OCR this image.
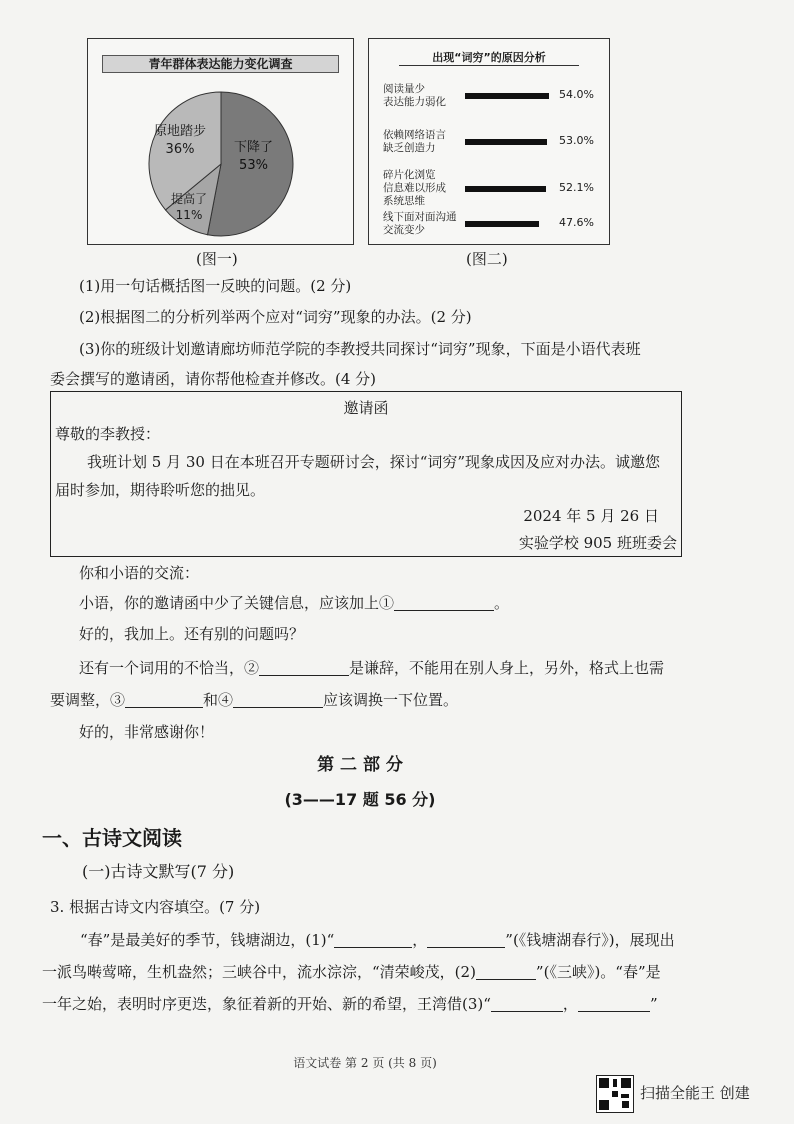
青年群体表达能力变化调查
原地踏步
36%	下降了
53%
提高了
11%
(图一)
出现“词穷”的原因分析
阅读量少
表达能力弱化
54.0%
依赖网络语言
缺乏创造力
53.0%
碎片化浏览
信息难以形成
系统思维
52.1%
线下面对面沟通
交流变少
47.6%
(图二)
(1)用一句话概括图一反映的问题。(2 分)
(2)根据图二的分析列举两个应对“词穷”现象的办法。(2 分)
(3)你的班级计划邀请廊坊师范学院的李教授共同探讨“词穷”现象，下面是小语代表班
委会撰写的邀请函，请你帮他检查并修改。(4 分)
邀请函
尊敬的李教授：
我班计划 5 月 30 日在本班召开专题研讨会，探讨“词穷”现象成因及应对办法。诚邀您
届时参加，期待聆听您的拙见。
2024 年 5 月 26 日
实验学校 905 班班委会
你和小语的交流：
小语，你的邀请函中少了关键信息，应该加上①	。
好的，我加上。还有别的问题吗？
还有一个词用的不恰当，②	是谦辞，不能用在别人身上，另外，格式上也需
要调整，③	和④	应该调换一下位置。
好的，非常感谢你！
第 二 部 分
(3——17 题 56 分)
一、古诗文阅读
(一)古诗文默写(7 分)
3. 根据古诗文内容填空。(7 分)
“春”是最美好的季节，钱塘湖边，(1)“	，	”(《钱塘湖春行》)，展现出
一派鸟啭莺啼，生机盎然；三峡谷中，流水淙淙，“清荣峻茂，(2)	”(《三峡》)。“春”是
一年之始，表明时序更迭，象征着新的开始、新的希望，王湾借(3)“	，	”
语文试卷 第 2 页 (共 8 页)
扫描全能王 创建
